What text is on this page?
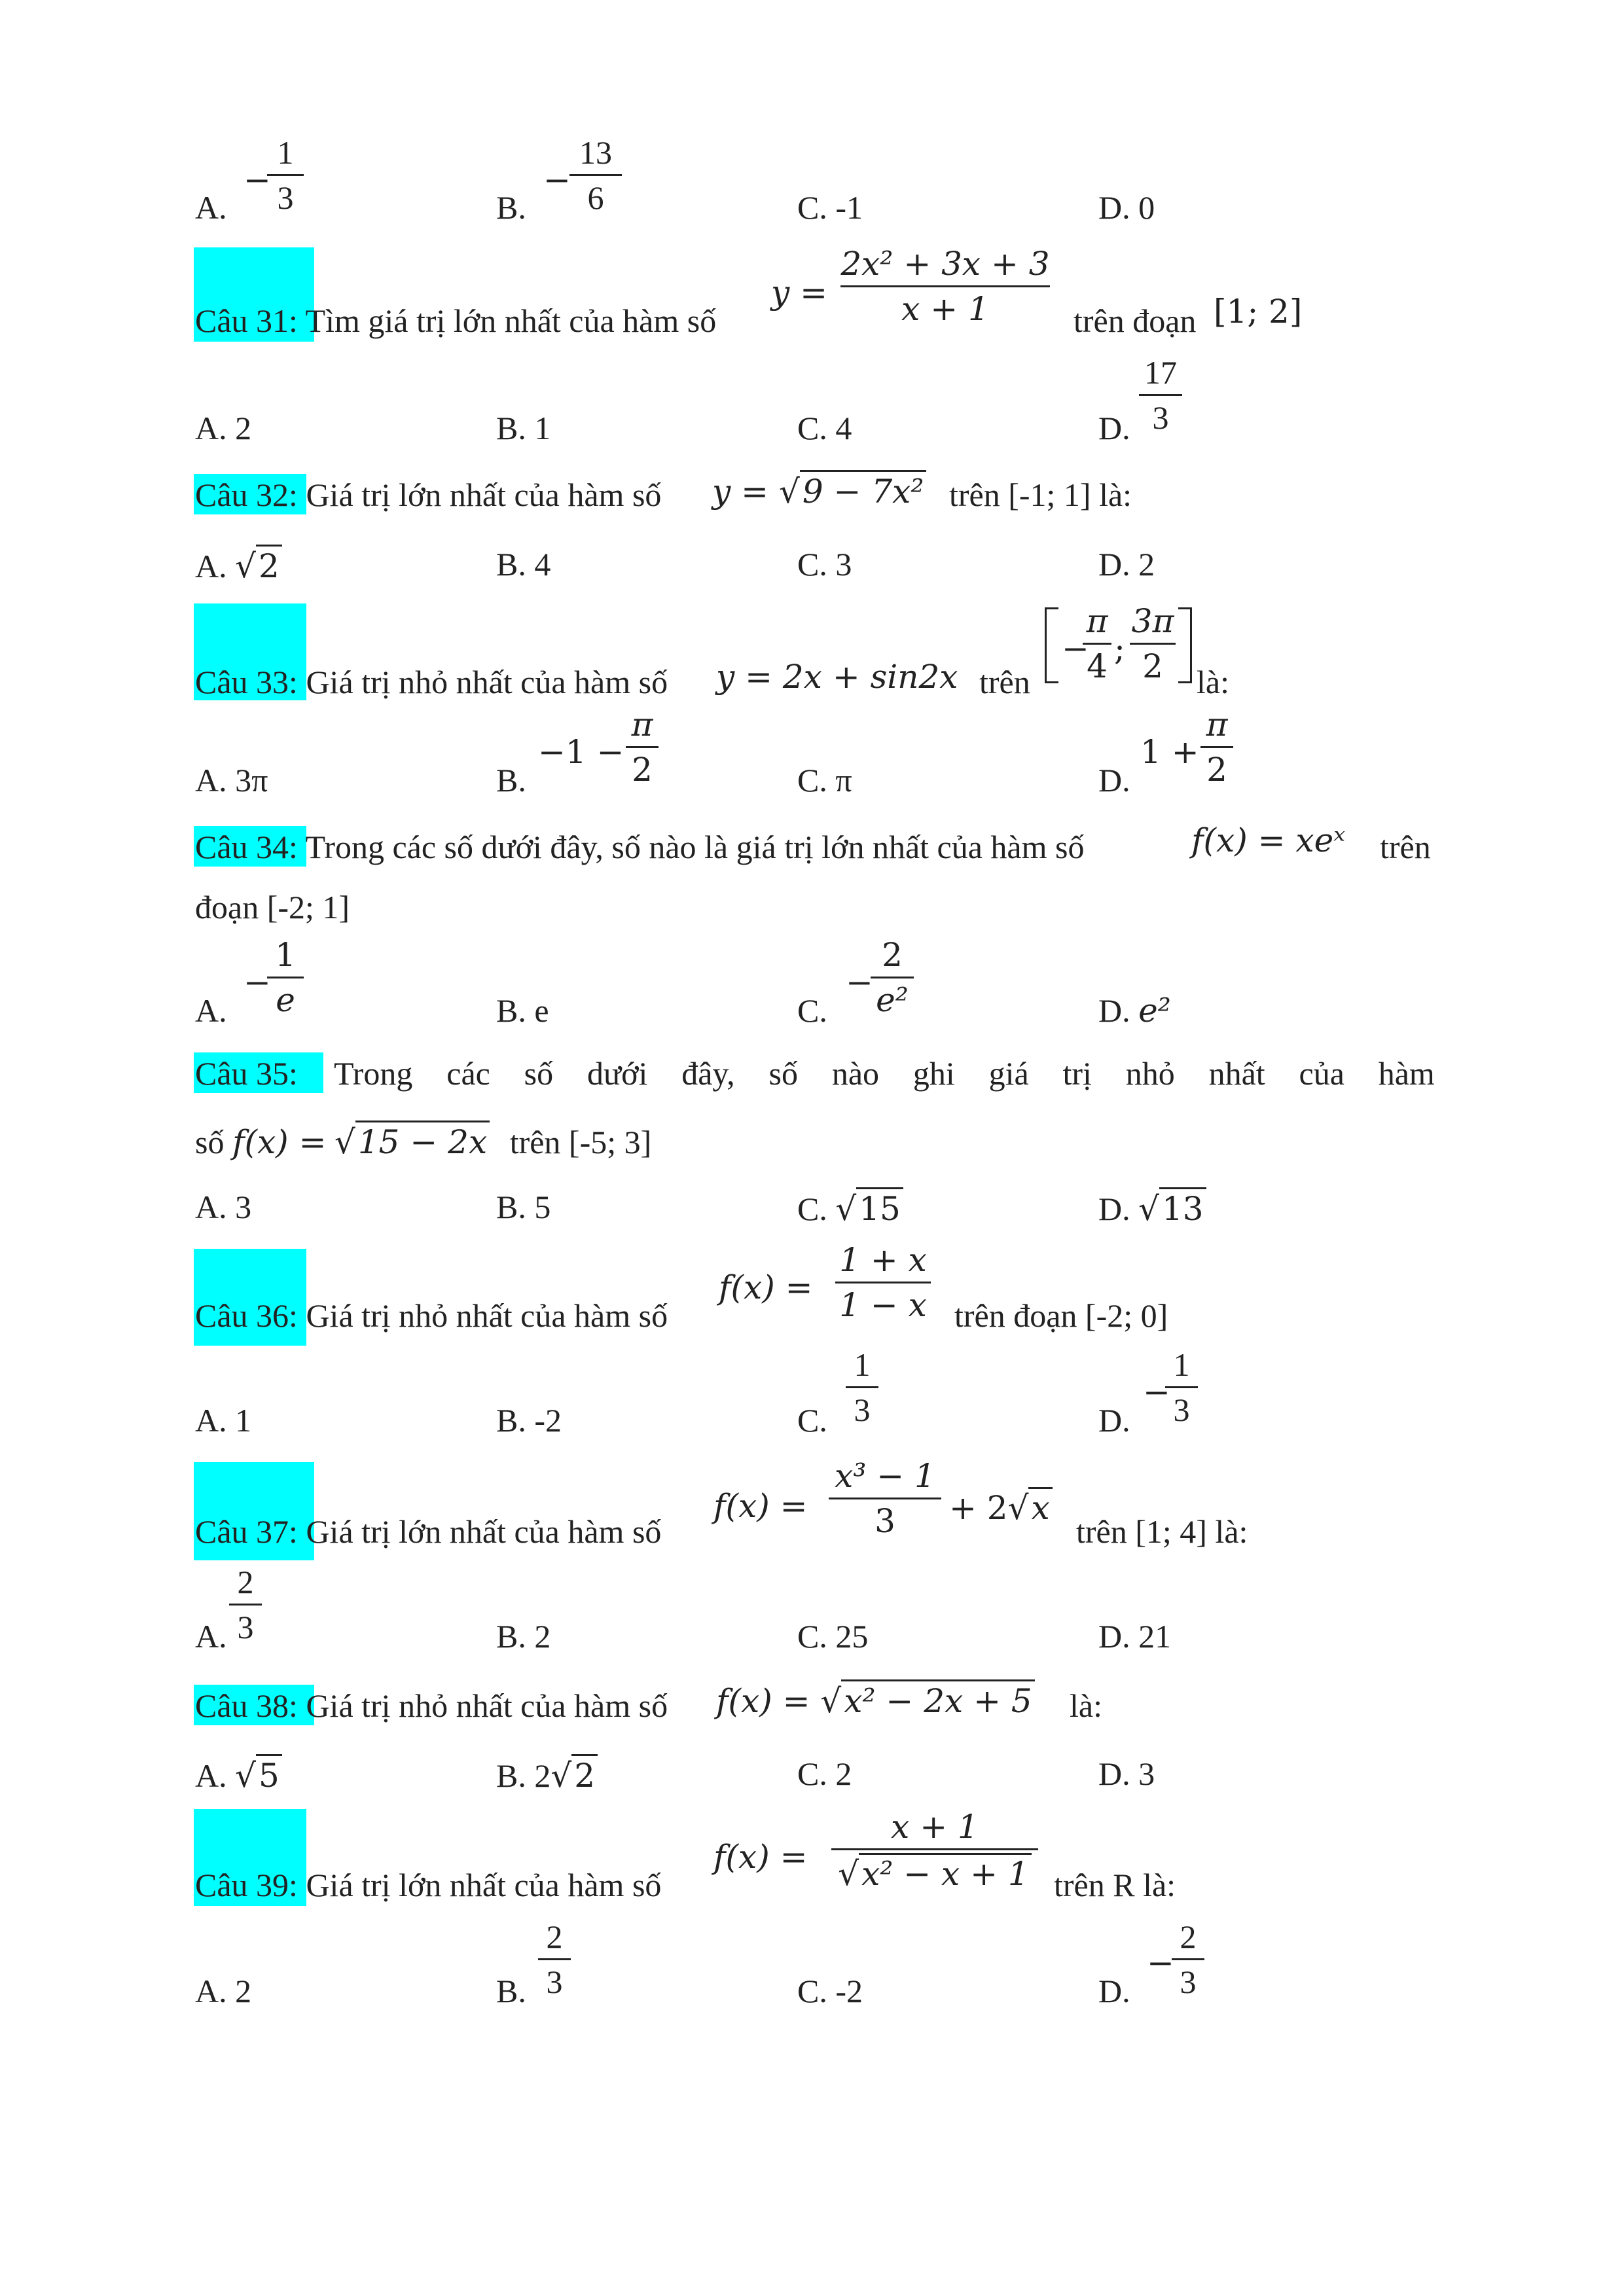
A.
−
1
3	B.
−
13
6	C. -1	D. 0
Câu 31: Tìm giá trị lớn nhất của hàm số
y =
2x² + 3x + 3
x + 1	trên đoạn [1; 2]
A. 2	B. 1	C. 4	D.
17
3
Câu 32: Giá trị lớn nhất của hàm số y = √9 − 7x² trên [-1; 1] là:
A. √2	B. 4	C. 3	D. 2
Câu 33: Giá trị nhỏ nhất của hàm số y = 2x + sin2x trên
−
π
4 ;
3π
2	là:
A. 3π	B.
−1 −
π
2	C. π	D.
1 +
π
2
Câu 34: Trong các số dưới đây, số nào là giá trị lớn nhất của hàm số	f(x) = xeˣ trên
đoạn [-2; 1]
A.
−
1
e	B. e	C.
−
2
e²	D. e²
Câu 35: Trong các số dưới đây, số nào ghi giá trị nhỏ nhất của hàm
số f(x) = √15 − 2x trên [-5; 3]
A. 3	B. 5	C. √15	D. √13
Câu 36: Giá trị nhỏ nhất của hàm số
f(x) =
1 + x
1 − x trên đoạn [-2; 0]
A. 1	B. -2	C.
1
3	D.
−
1
3
Câu 37: Giá trị lớn nhất của hàm số
f(x) =
x³ − 1
3	+ 2√x
trên [1; 4] là:
A.
2
3	B. 2	C. 25	D. 21
Câu 38: Giá trị nhỏ nhất của hàm số f(x) = √x² − 2x + 5 là:
A. √5	B. 2√2	C. 2	D. 3
Câu 39: Giá trị lớn nhất của hàm số
f(x) =
x + 1
√x² − x + 1 trên R là:
A. 2	B.
2
3	C. -2	D.
−
2
3
